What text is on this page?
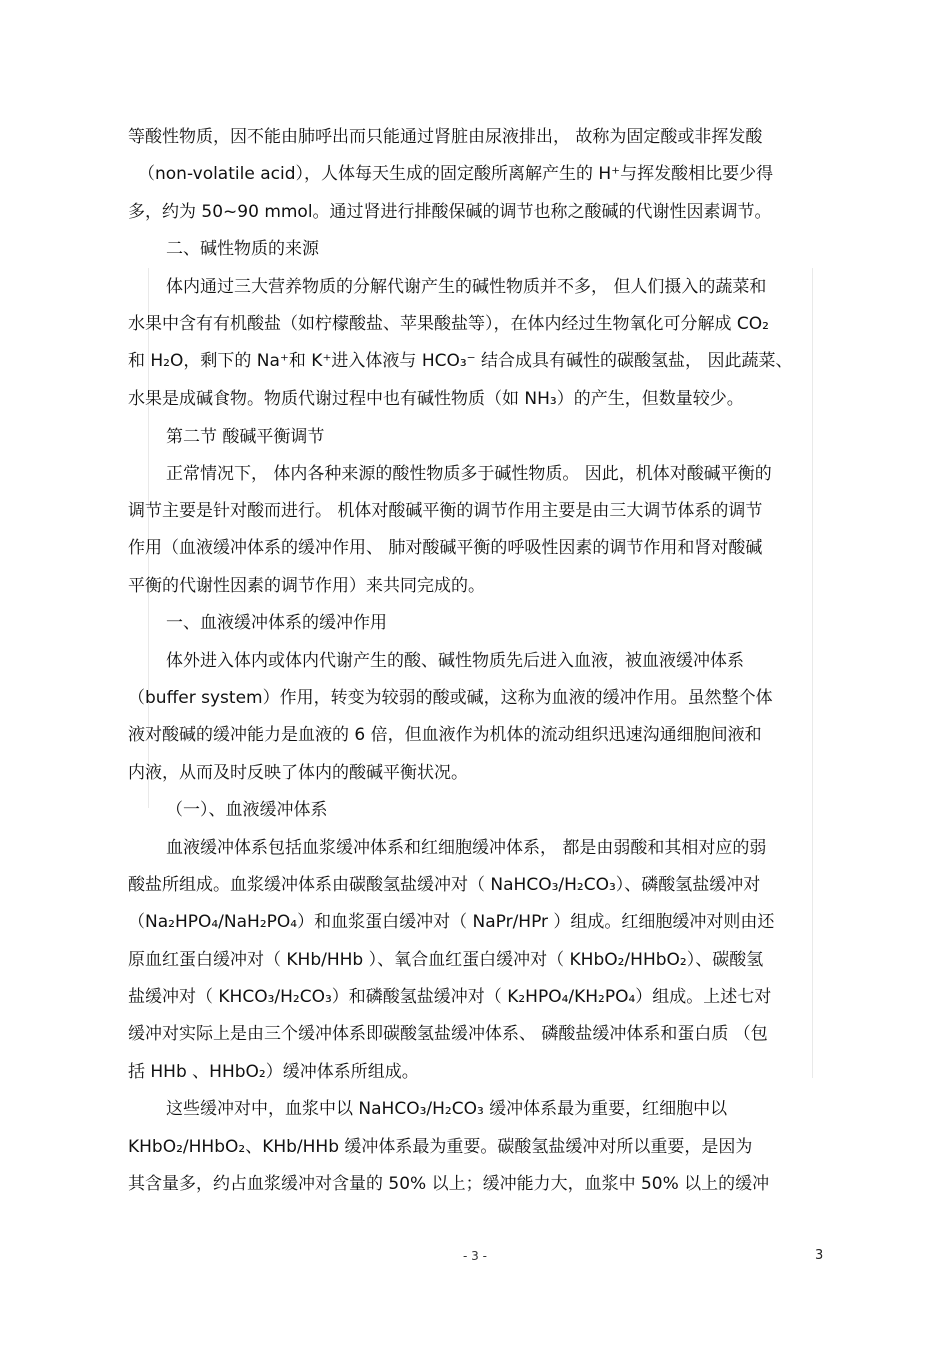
等酸性物质，因不能由肺呼出而只能通过肾脏由尿液排出， 故称为固定酸或非挥发酸
（non-volatile acid），人体每天生成的固定酸所离解产生的 H⁺与挥发酸相比要少得
多，约为 50~90 mmol。通过肾进行排酸保碱的调节也称之酸碱的代谢性因素调节。
二、碱性物质的来源
体内通过三大营养物质的分解代谢产生的碱性物质并不多， 但人们摄入的蔬菜和
水果中含有有机酸盐（如柠檬酸盐、苹果酸盐等），在体内经过生物氧化可分解成 CO₂
和 H₂O，剩下的 Na⁺和 K⁺进入体液与 HCO₃⁻ 结合成具有碱性的碳酸氢盐， 因此蔬菜、
水果是成碱食物。物质代谢过程中也有碱性物质（如 NH₃）的产生，但数量较少。
第二节 酸碱平衡调节
正常情况下， 体内各种来源的酸性物质多于碱性物质。 因此，机体对酸碱平衡的
调节主要是针对酸而进行。 机体对酸碱平衡的调节作用主要是由三大调节体系的调节
作用（血液缓冲体系的缓冲作用、 肺对酸碱平衡的呼吸性因素的调节作用和肾对酸碱
平衡的代谢性因素的调节作用）来共同完成的。
一、血液缓冲体系的缓冲作用
体外进入体内或体内代谢产生的酸、碱性物质先后进入血液，被血液缓冲体系
（buffer system）作用，转变为较弱的酸或碱，这称为血液的缓冲作用。虽然整个体
液对酸碱的缓冲能力是血液的 6 倍，但血液作为机体的流动组织迅速沟通细胞间液和
内液，从而及时反映了体内的酸碱平衡状况。
（一）、血液缓冲体系
血液缓冲体系包括血浆缓冲体系和红细胞缓冲体系， 都是由弱酸和其相对应的弱
酸盐所组成。血浆缓冲体系由碳酸氢盐缓冲对（ NaHCO₃/H₂CO₃）、磷酸氢盐缓冲对
（Na₂HPO₄/NaH₂PO₄）和血浆蛋白缓冲对（ NaPr/HPr ）组成。红细胞缓冲对则由还
原血红蛋白缓冲对（ KHb/HHb ）、氧合血红蛋白缓冲对（ KHbO₂/HHbO₂）、碳酸氢
盐缓冲对（ KHCO₃/H₂CO₃）和磷酸氢盐缓冲对（ K₂HPO₄/KH₂PO₄）组成。上述七对
缓冲对实际上是由三个缓冲体系即碳酸氢盐缓冲体系、 磷酸盐缓冲体系和蛋白质 （包
括 HHb 、HHbO₂）缓冲体系所组成。
这些缓冲对中，血浆中以 NaHCO₃/H₂CO₃ 缓冲体系最为重要，红细胞中以
KHbO₂/HHbO₂、KHb/HHb 缓冲体系最为重要。碳酸氢盐缓冲对所以重要，是因为
其含量多，约占血浆缓冲对含量的 50% 以上；缓冲能力大，血浆中 50% 以上的缓冲
- 3 -	3
